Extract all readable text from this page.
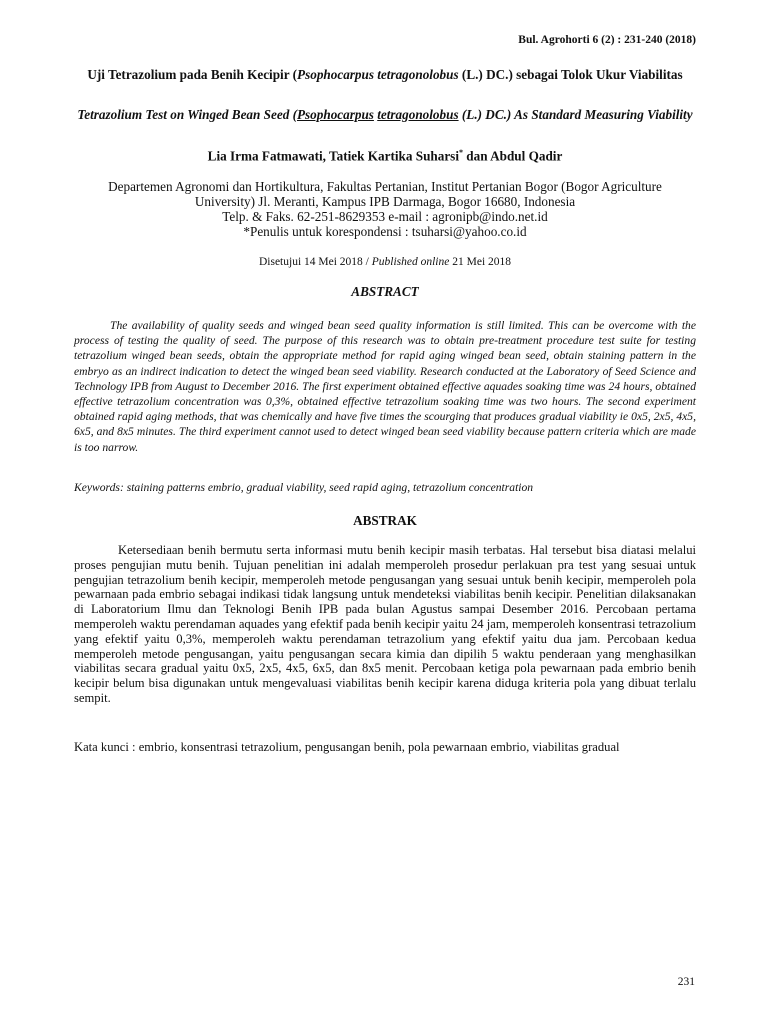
Bul. Agrohorti 6 (2) : 231-240 (2018)
Uji Tetrazolium pada Benih Kecipir (Psophocarpus tetragonolobus (L.) DC.) sebagai Tolok Ukur Viabilitas
Tetrazolium Test on Winged Bean Seed (Psophocarpus tetragonolobus (L.) DC.) As Standard Measuring Viability
Lia Irma Fatmawati, Tatiek Kartika Suharsi* dan Abdul Qadir
Departemen Agronomi dan Hortikultura, Fakultas Pertanian, Institut Pertanian Bogor (Bogor Agriculture
University) Jl. Meranti, Kampus IPB Darmaga, Bogor 16680, Indonesia
Telp. & Faks. 62-251-8629353 e-mail : agronipb@indo.net.id
*Penulis untuk korespondensi : tsuharsi@yahoo.co.id
Disetujui 14 Mei 2018 / Published online 21 Mei 2018
ABSTRACT
The availability of quality seeds and winged bean seed quality information is still limited. This can be overcome with the process of testing the quality of seed. The purpose of this research was to obtain pre-treatment procedure test suite for testing tetrazolium winged bean seeds, obtain the appropriate method for rapid aging winged bean seed, obtain staining pattern in the embryo as an indirect indication to detect the winged bean seed viability. Research conducted at the Laboratory of Seed Science and Technology IPB from August to December 2016. The first experiment obtained effective aquades soaking time was 24 hours, obtained effective tetrazolium concentration was 0,3%, obtained effective tetrazolium soaking time was two hours. The second experiment obtained rapid aging methods, that was chemically and have five times the scourging that produces gradual viability ie 0x5, 2x5, 4x5, 6x5, and 8x5 minutes. The third experiment cannot used to detect winged bean seed viability because pattern criteria which are made is too narrow.
Keywords: staining patterns embrio, gradual viability, seed rapid aging, tetrazolium concentration
ABSTRAK
Ketersediaan benih bermutu serta informasi mutu benih kecipir masih terbatas. Hal tersebut bisa diatasi melalui proses pengujian mutu benih. Tujuan penelitian ini adalah memperoleh prosedur perlakuan pra test yang sesuai untuk pengujian tetrazolium benih kecipir, memperoleh metode pengusangan yang sesuai untuk benih kecipir, memperoleh pola pewarnaan pada embrio sebagai indikasi tidak langsung untuk mendeteksi viabilitas benih kecipir. Penelitian dilaksanakan di Laboratorium Ilmu dan Teknologi Benih IPB pada bulan Agustus sampai Desember 2016. Percobaan pertama memperoleh waktu perendaman aquades yang efektif pada benih kecipir yaitu 24 jam, memperoleh konsentrasi tetrazolium yang efektif yaitu 0,3%, memperoleh waktu perendaman tetrazolium yang efektif yaitu dua jam. Percobaan kedua memperoleh metode pengusangan, yaitu pengusangan secara kimia dan dipilih 5 waktu penderaan yang menghasilkan viabilitas secara gradual yaitu 0x5, 2x5, 4x5, 6x5, dan 8x5 menit. Percobaan ketiga pola pewarnaan pada embrio benih kecipir belum bisa digunakan untuk mengevaluasi viabilitas benih kecipir karena diduga kriteria pola yang dibuat terlalu sempit.
Kata kunci : embrio, konsentrasi tetrazolium, pengusangan benih, pola pewarnaan embrio, viabilitas gradual
231
